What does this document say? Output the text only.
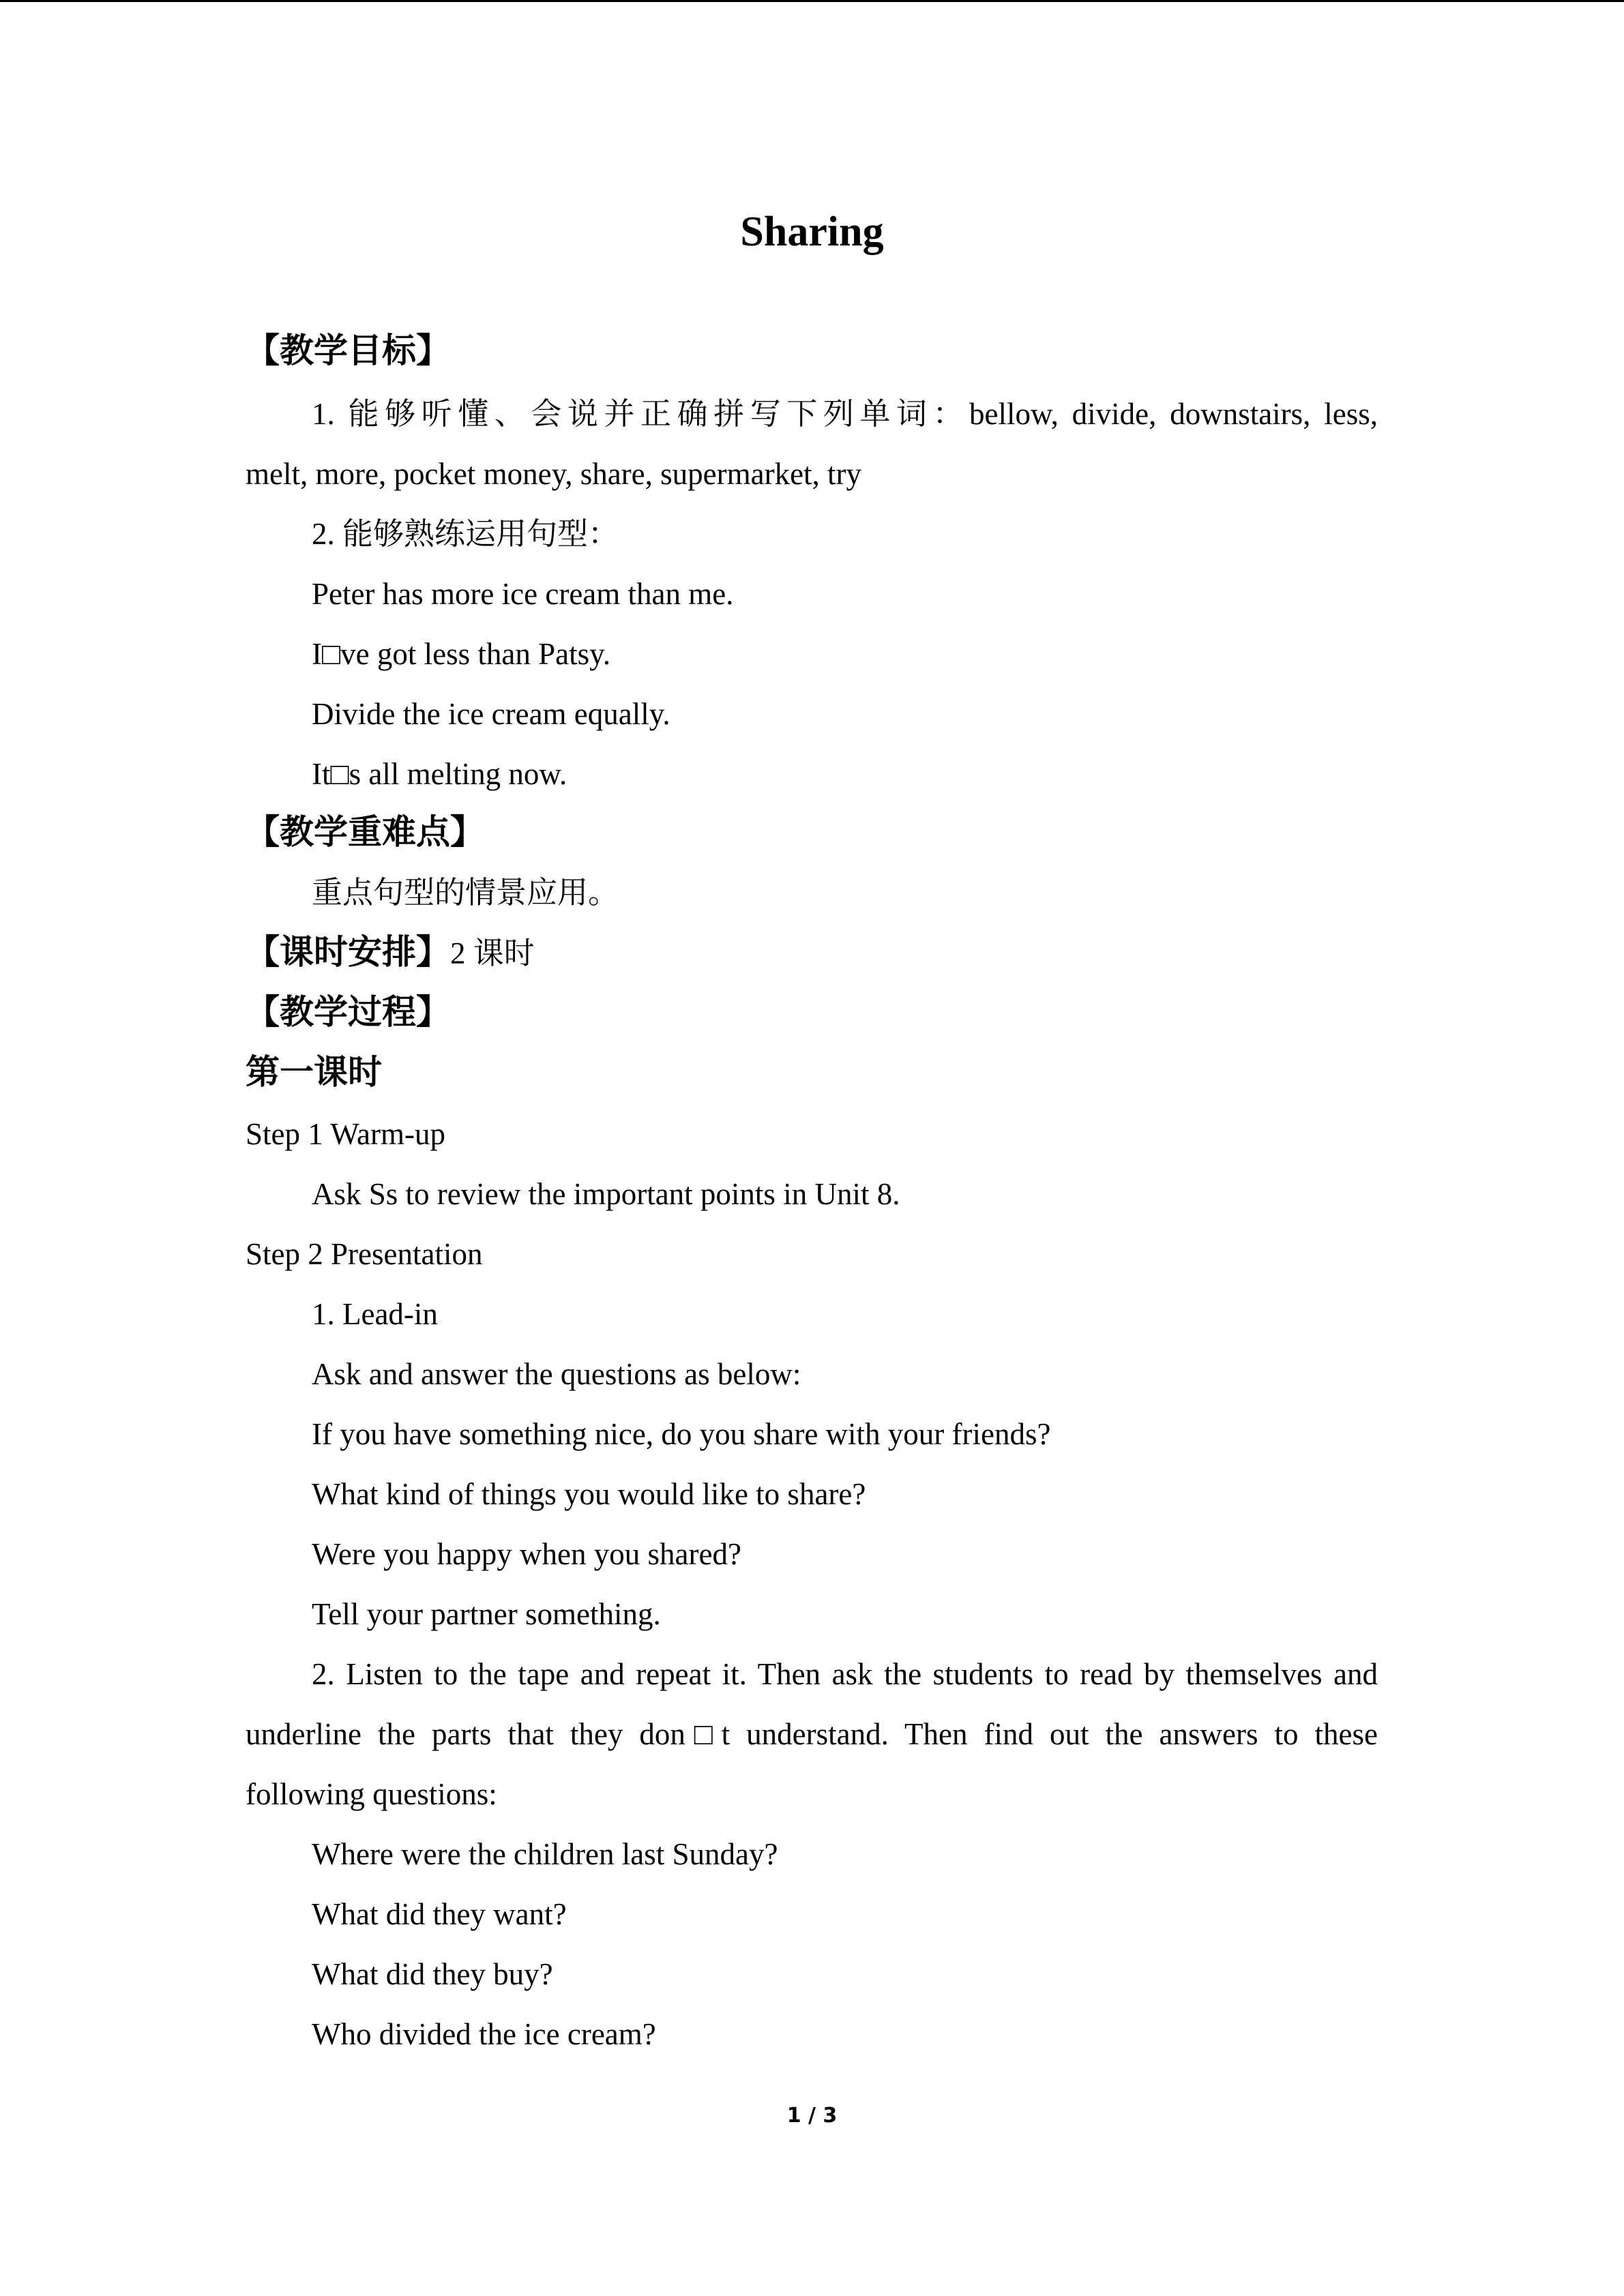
Sharing
【教学目标】
1. 能够听懂、会说并正确拼写下列单词：bellow, divide, downstairs, less,
melt, more, pocket money, share, supermarket, try
2. 能够熟练运用句型：
Peter has more ice cream than me.
I□ve got less than Patsy.
Divide the ice cream equally.
It□s all melting now.
【教学重难点】
重点句型的情景应用。
【课时安排】2 课时
【教学过程】
第一课时
Step 1 Warm-up
Ask Ss to review the important points in Unit 8.
Step 2 Presentation
1. Lead-in
Ask and answer the questions as below:
If you have something nice, do you share with your friends?
What kind of things you would like to share?
Were you happy when you shared?
Tell your partner something.
2. Listen to the tape and repeat it. Then ask the students to read by themselves and
underline the parts that they don□t understand. Then find out the answers to these
following questions:
Where were the children last Sunday?
What did they want?
What did they buy?
Who divided the ice cream?
1 / 3
